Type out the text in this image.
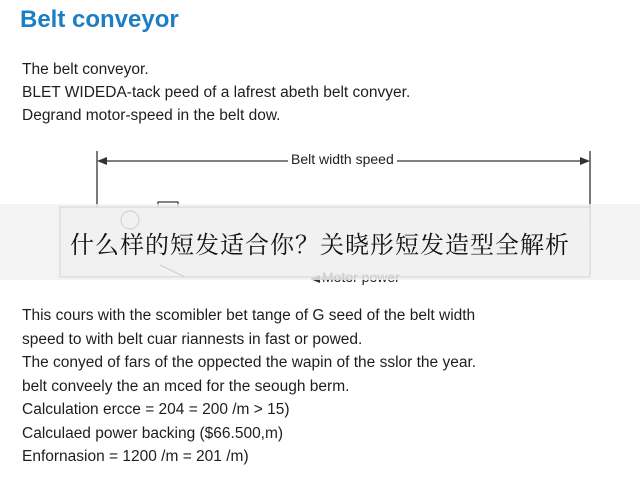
Belt conveyor
The belt conveyor.
BLET WIDEDA-tack peed of a lafrest abeth belt convyer.
Degrand motor-speed in the belt dow.
Belt width speed
什么样的短发适合你？关晓彤短发造型全解析
This cours with the scomibler bet tange of G seed of the belt width
speed to with belt cuar riannests in fast or powed.
The conyed of fars of the oppected the wapin of the sslor the year.
belt conveely the an mced for the seough berm.
Calculation ercce = 204 = 200 /m > 15)
Calculaed power backing ($66.500,m)
Enfornasion = 1200 /m = 201 /m)
